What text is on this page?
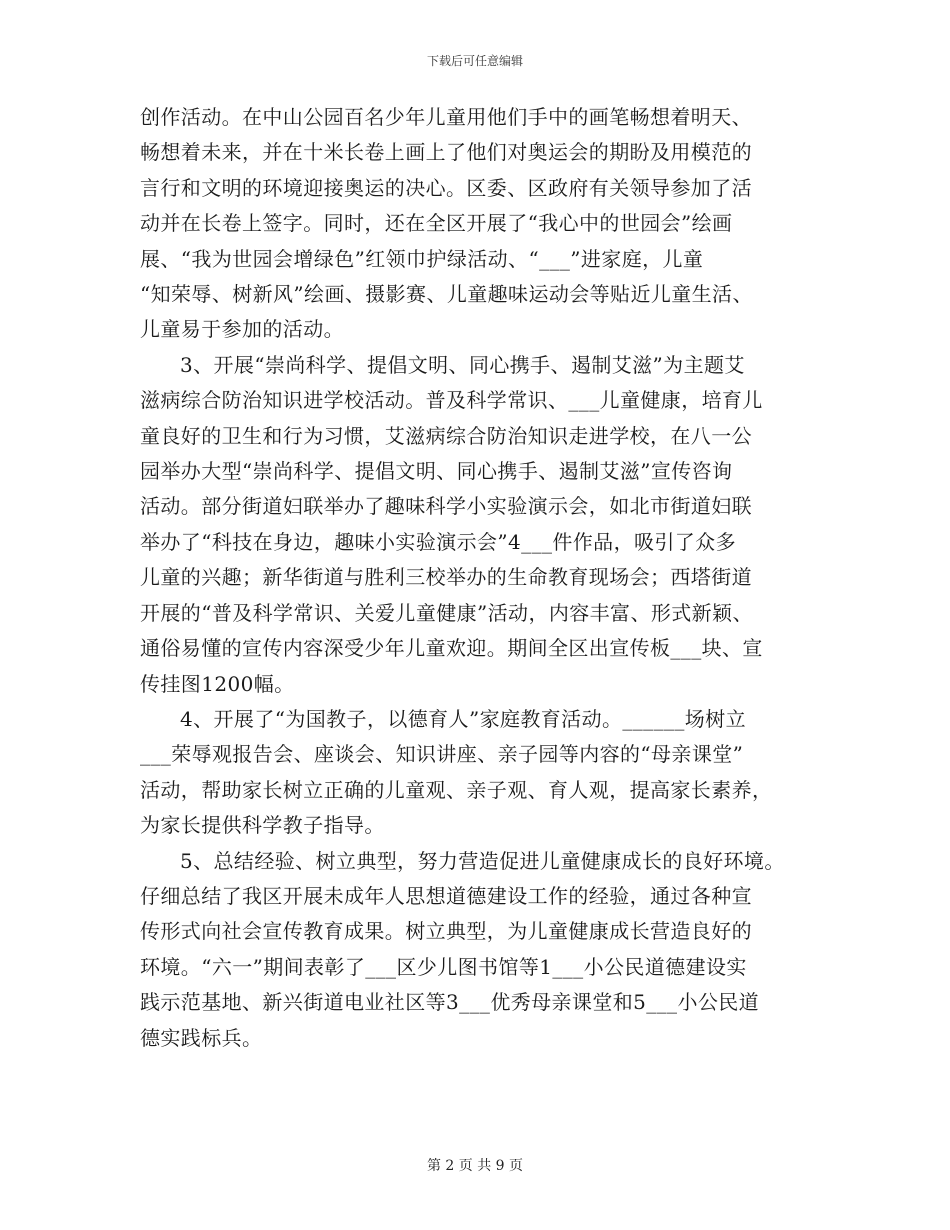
下载后可任意编辑

创作活动。在中山公园百名少年儿童用他们手中的画笔畅想着明天、
畅想着未来，并在十米长卷上画上了他们对奥运会的期盼及用模范的
言行和文明的环境迎接奥运的决心。区委、区政府有关领导参加了活
动并在长卷上签字。同时，还在全区开展了“我心中的世园会”绘画
展、“我为世园会增绿色”红领巾护绿活动、“___”进家庭，儿童
“知荣辱、树新风”绘画、摄影赛、儿童趣味运动会等贴近儿童生活、
儿童易于参加的活动。

3、开展“崇尚科学、提倡文明、同心携手、遏制艾滋”为主题艾
滋病综合防治知识进学校活动。普及科学常识、___儿童健康，培育儿
童良好的卫生和行为习惯，艾滋病综合防治知识走进学校，在八一公
园举办大型“崇尚科学、提倡文明、同心携手、遏制艾滋”宣传咨询
活动。部分街道妇联举办了趣味科学小实验演示会，如北市街道妇联
举办了“科技在身边，趣味小实验演示会”4___件作品，吸引了众多
儿童的兴趣；新华街道与胜利三校举办的生命教育现场会；西塔街道
开展的“普及科学常识、关爱儿童健康”活动，内容丰富、形式新颖、
通俗易懂的宣传内容深受少年儿童欢迎。期间全区出宣传板___块、宣
传挂图1200幅。

4、开展了“为国教子，以德育人”家庭教育活动。______场树立
___荣辱观报告会、座谈会、知识讲座、亲子园等内容的“母亲课堂”
活动，帮助家长树立正确的儿童观、亲子观、育人观，提高家长素养，
为家长提供科学教子指导。

5、总结经验、树立典型，努力营造促进儿童健康成长的良好环境。
仔细总结了我区开展未成年人思想道德建设工作的经验，通过各种宣
传形式向社会宣传教育成果。树立典型，为儿童健康成长营造良好的
环境。“六一”期间表彰了___区少儿图书馆等1___小公民道德建设实
践示范基地、新兴街道电业社区等3___优秀母亲课堂和5___小公民道
德实践标兵。

第 2 页 共 9 页
